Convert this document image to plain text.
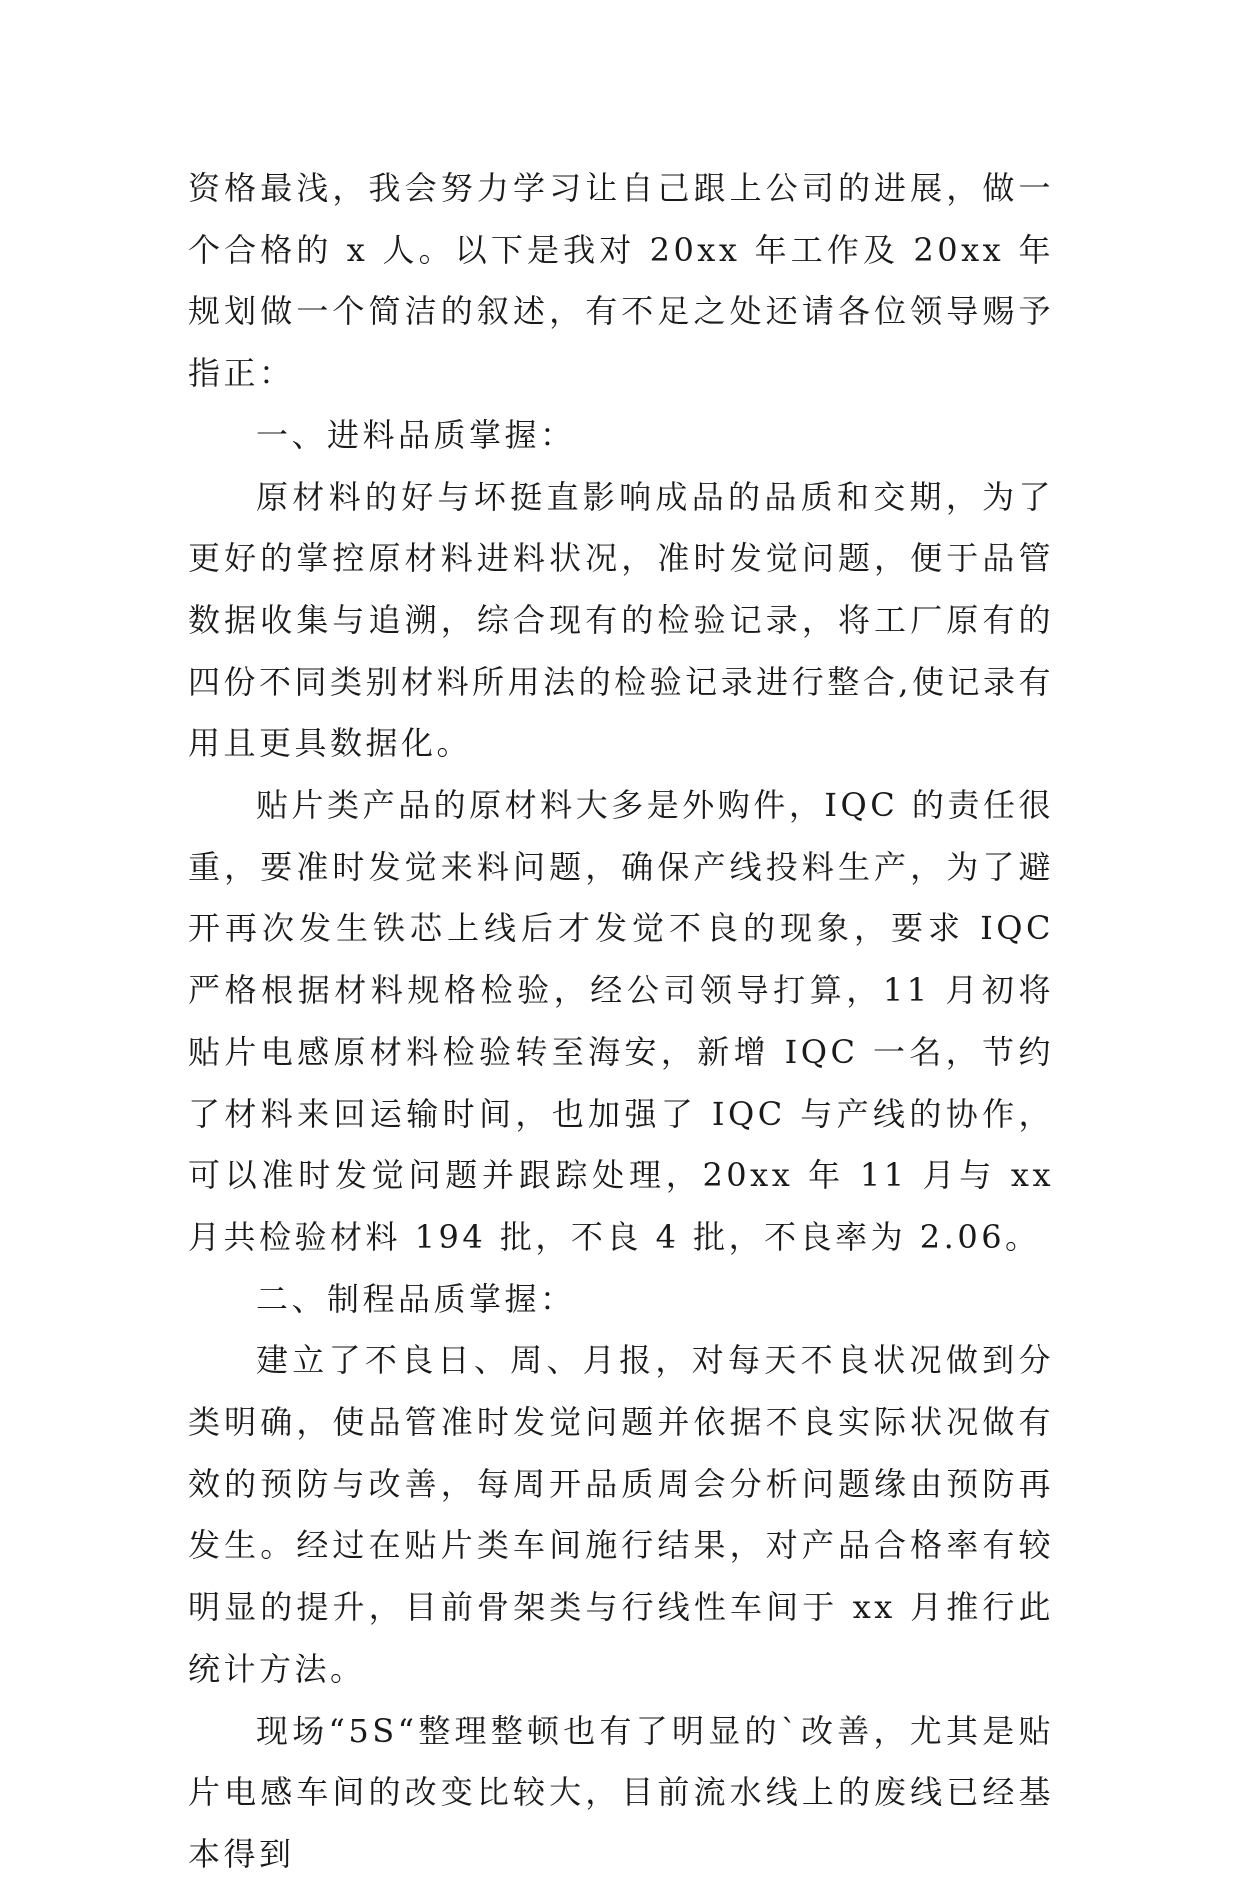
资格最浅，我会努力学习让自己跟上公司的进展，做一个合格的 x 人。以下是我对 20xx 年工作及 20xx 年规划做一个简洁的叙述，有不足之处还请各位领导赐予指正：

一、进料品质掌握：

原材料的好与坏挺直影响成品的品质和交期，为了更好的掌控原材料进料状况，准时发觉问题，便于品管数据收集与追溯，综合现有的检验记录，将工厂原有的四份不同类别材料所用法的检验记录进行整合,使记录有用且更具数据化。

贴片类产品的原材料大多是外购件，IQC 的责任很重，要准时发觉来料问题，确保产线投料生产，为了避开再次发生铁芯上线后才发觉不良的现象，要求 IQC 严格根据材料规格检验，经公司领导打算，11 月初将贴片电感原材料检验转至海安，新增 IQC 一名，节约了材料来回运输时间，也加强了 IQC 与产线的协作，可以准时发觉问题并跟踪处理，20xx 年 11 月与 xx 月共检验材料 194 批，不良 4 批，不良率为 2.06。

二、制程品质掌握：

建立了不良日、周、月报，对每天不良状况做到分类明确，使品管准时发觉问题并依据不良实际状况做有效的预防与改善，每周开品质周会分析问题缘由预防再发生。经过在贴片类车间施行结果，对产品合格率有较明显的提升，目前骨架类与行线性车间于 xx 月推行此统计方法。

现场“5S“整理整顿也有了明显的`改善，尤其是贴片电感车间的改变比较大，目前流水线上的废线已经基本得到
